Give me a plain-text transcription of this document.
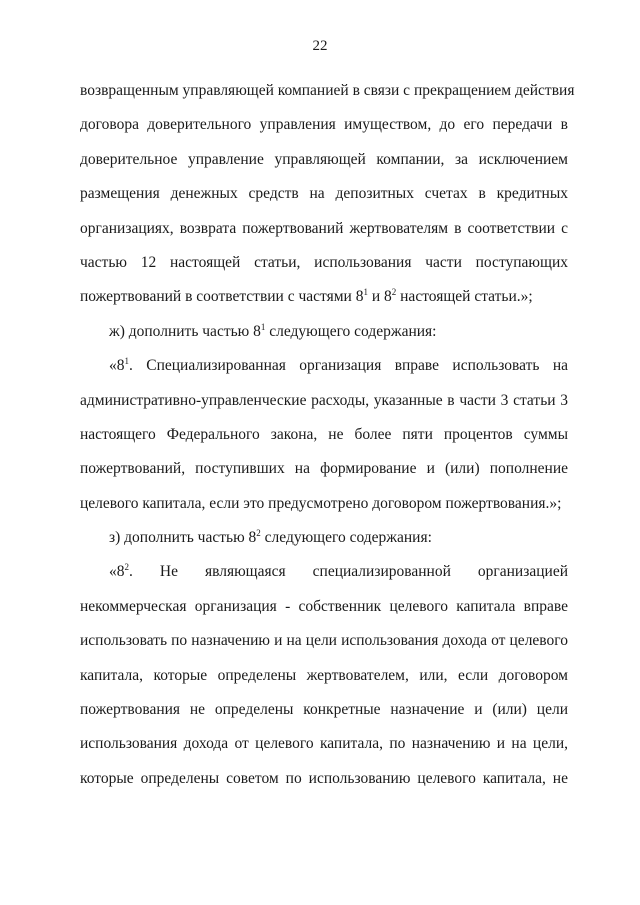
22
возвращенным управляющей компанией в связи с прекращением действия
договора доверительного управления имуществом, до его передачи в
доверительное управление управляющей компании, за исключением
размещения денежных средств на депозитных счетах в кредитных
организациях, возврата пожертвований жертвователям в соответствии с
частью 12 настоящей статьи, использования части поступающих
пожертвований в соответствии с частями $8^1$ и $8^2$ настоящей статьи.»;
ж) дополнить частью $8^1$ следующего содержания:
«$8^1$. Специализированная организация вправе использовать на
административно-управленческие расходы, указанные в части 3 статьи 3
настоящего Федерального закона, не более пяти процентов суммы
пожертвований, поступивших на формирование и (или) пополнение
целевого капитала, если это предусмотрено договором пожертвования.»;
з) дополнить частью $8^2$ следующего содержания:
«$8^2$. Не являющаяся специализированной организацией
некоммерческая организация - собственник целевого капитала вправе
использовать по назначению и на цели использования дохода от целевого
капитала, которые определены жертвователем, или, если договором
пожертвования не определены конкретные назначение и (или) цели
использования дохода от целевого капитала, по назначению и на цели,
которые определены советом по использованию целевого капитала, не
